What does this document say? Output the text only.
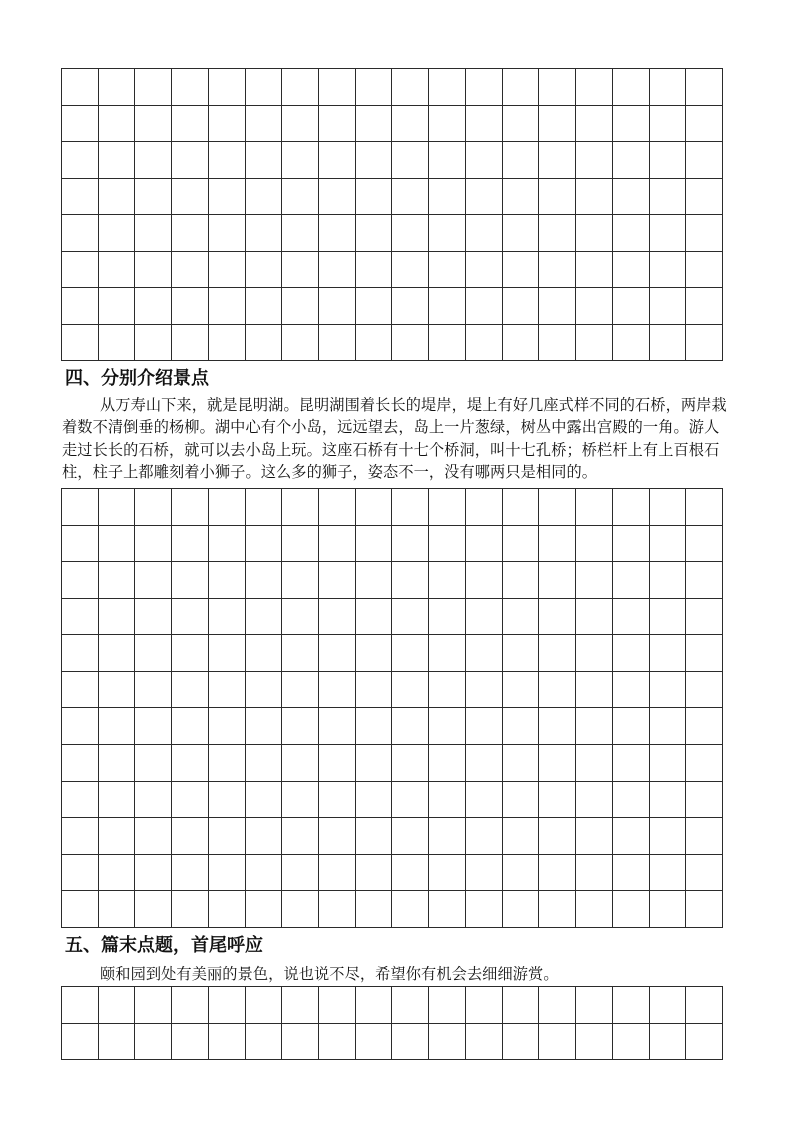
四、分别介绍景点

从万寿山下来，就是昆明湖。昆明湖围着长长的堤岸，堤上有好几座式样不同的石桥，两岸栽着数不清倒垂的杨柳。湖中心有个小岛，远远望去，岛上一片葱绿，树丛中露出宫殿的一角。游人走过长长的石桥，就可以去小岛上玩。这座石桥有十七个桥洞，叫十七孔桥；桥栏杆上有上百根石柱，柱子上都雕刻着小狮子。这么多的狮子，姿态不一，没有哪两只是相同的。

五、篇末点题，首尾呼应

颐和园到处有美丽的景色，说也说不尽，希望你有机会去细细游赏。
